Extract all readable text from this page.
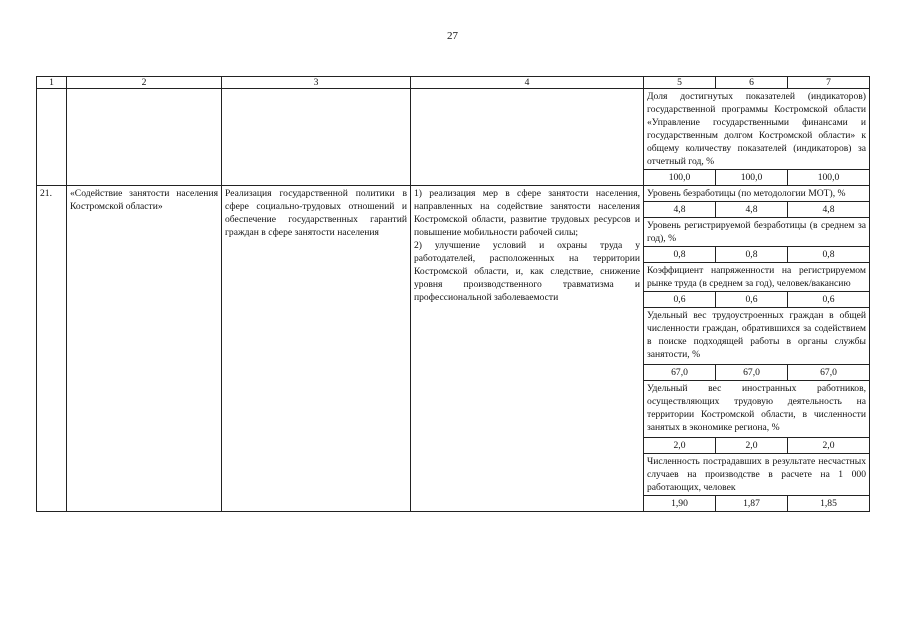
27
1	2	3	4	5	6	7
				Доля достигнутых показателей (индикаторов) государственной программы Костромской области «Управление государственными финансами и государственным долгом Костромской области» к общему количеству показателей (индикаторов) за отчетный год, %		
				100,0	100,0	100,0
21.	«Содействие занятости населения Костромской области»	Реализация государственной политики в сфере социально-трудовых отношений и обеспечение государственных гарантий граждан в сфере занятости населения	1) реализация мер в сфере занятости населения, направленных на содействие занятости населения Костромской области, развитие трудовых ресурсов и повышение мобильности рабочей силы;
2) улучшение условий и охраны труда у работодателей, расположенных на территории Костромской области, и, как следствие, снижение уровня производственного травматизма и профессиональной заболеваемости	Уровень безработицы (по методологии МОТ), %		
				4,8	4,8	4,8
				Уровень регистрируемой безработицы (в среднем за год), %		
				0,8	0,8	0,8
				Коэффициент напряженности на регистрируемом рынке труда (в среднем за год), человек/вакансию		
				0,6	0,6	0,6
				Удельный вес трудоустроенных граждан в общей численности граждан, обратившихся за содействием в поиске подходящей работы в органы службы занятости, %		
				67,0	67,0	67,0
				Удельный вес иностранных работников, осуществляющих трудовую деятельность на территории Костромской области, в численности занятых в экономике региона, %		
				2,0	2,0	2,0
				Численность пострадавших в результате несчастных случаев на производстве в расчете на 1 000 работающих, человек		
				1,90	1,87	1,85
